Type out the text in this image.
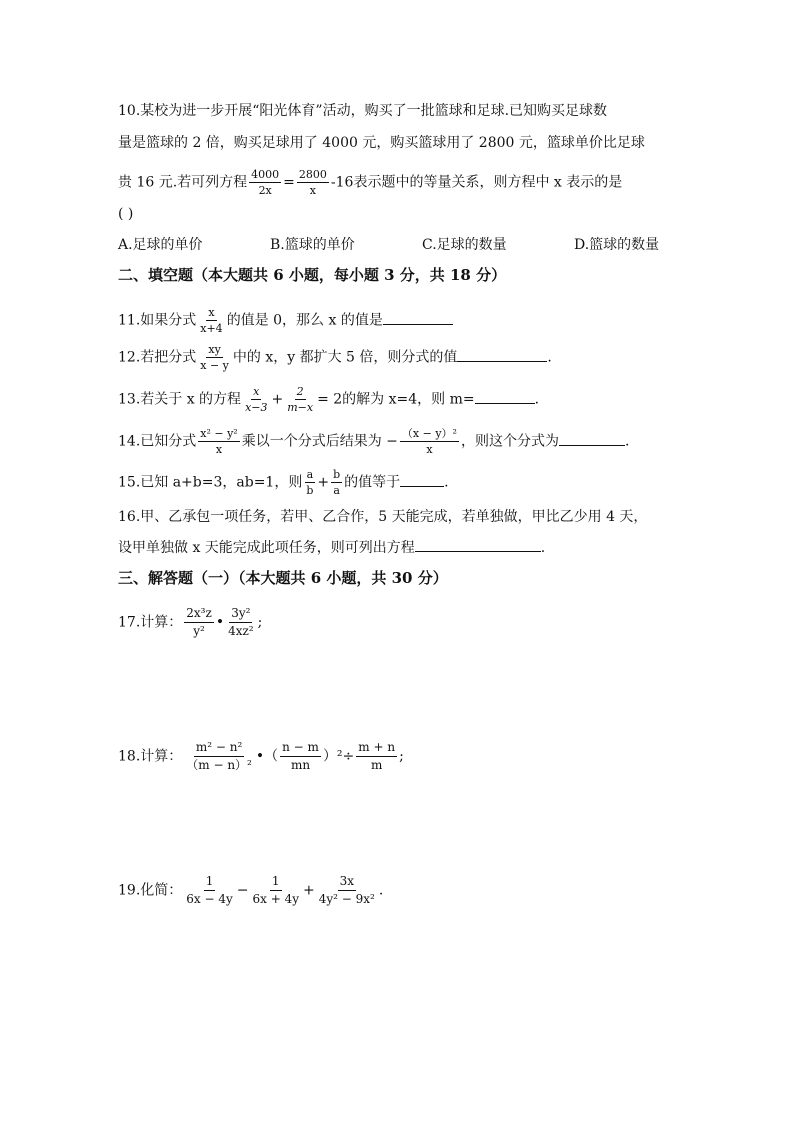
10.某校为进一步开展“阳光体育”活动，购买了一批篮球和足球.已知购买足球数
量是篮球的 2 倍，购买足球用了 4000 元，购买篮球用了 2800 元，篮球单价比足球
贵 16 元.若可列方程 $\frac{4000}{2x} = \frac{2800}{x} -16$表示题中的等量关系，则方程中 x 表示的是
( )
A.足球的单价	B.篮球的单价	C.足球的数量	D.篮球的数量
二、填空题（本大题共 6 小题，每小题 3 分，共 18 分）
11.如果分式 $\frac{x}{x+4}$ 的值是 0，那么 x 的值是
12.若把分式 $\frac{xy}{x - y}$ 中的 x，y 都扩大 5 倍，则分式的值	.
13.若关于 x 的方程 $\frac{x}{x-3} + \frac{2}{m-x} = 2$的解为 x=4，则 m=	.
14.已知分式 $\frac{\text{x² − y²}}{x}$ 乘以一个分式后结果为 − $\frac{\text{（x − y）²}}{x}$ ，则这个分式为	.
15.已知 a+b=3，ab=1，则 $\frac{a}{b} + \frac{b}{a}$ 的值等于	.
16.甲、乙承包一项任务，若甲、乙合作，5 天能完成，若单独做，甲比乙少用 4 天，
设甲单独做 x 天能完成此项任务，则可列出方程	.
三、解答题（一）（本大题共 6 小题，共 30 分）
17.计算： $\frac{\text{2x³z}}{\text{y²}}$ • $\frac{\text{3y²}}{\text{4xz²}}$ ;
18.计算： $\frac{\text{m² − n²}}{\text{（m − n）²}}$ •（ $\frac{n - m}{mn} )^2\div \frac{m + n}{m}$ ;
19.化简： $\frac{1}{6x - 4y} - \frac{1}{6x + 4y} + \frac{3x}{\text{4y² − 9x²}}$ .
